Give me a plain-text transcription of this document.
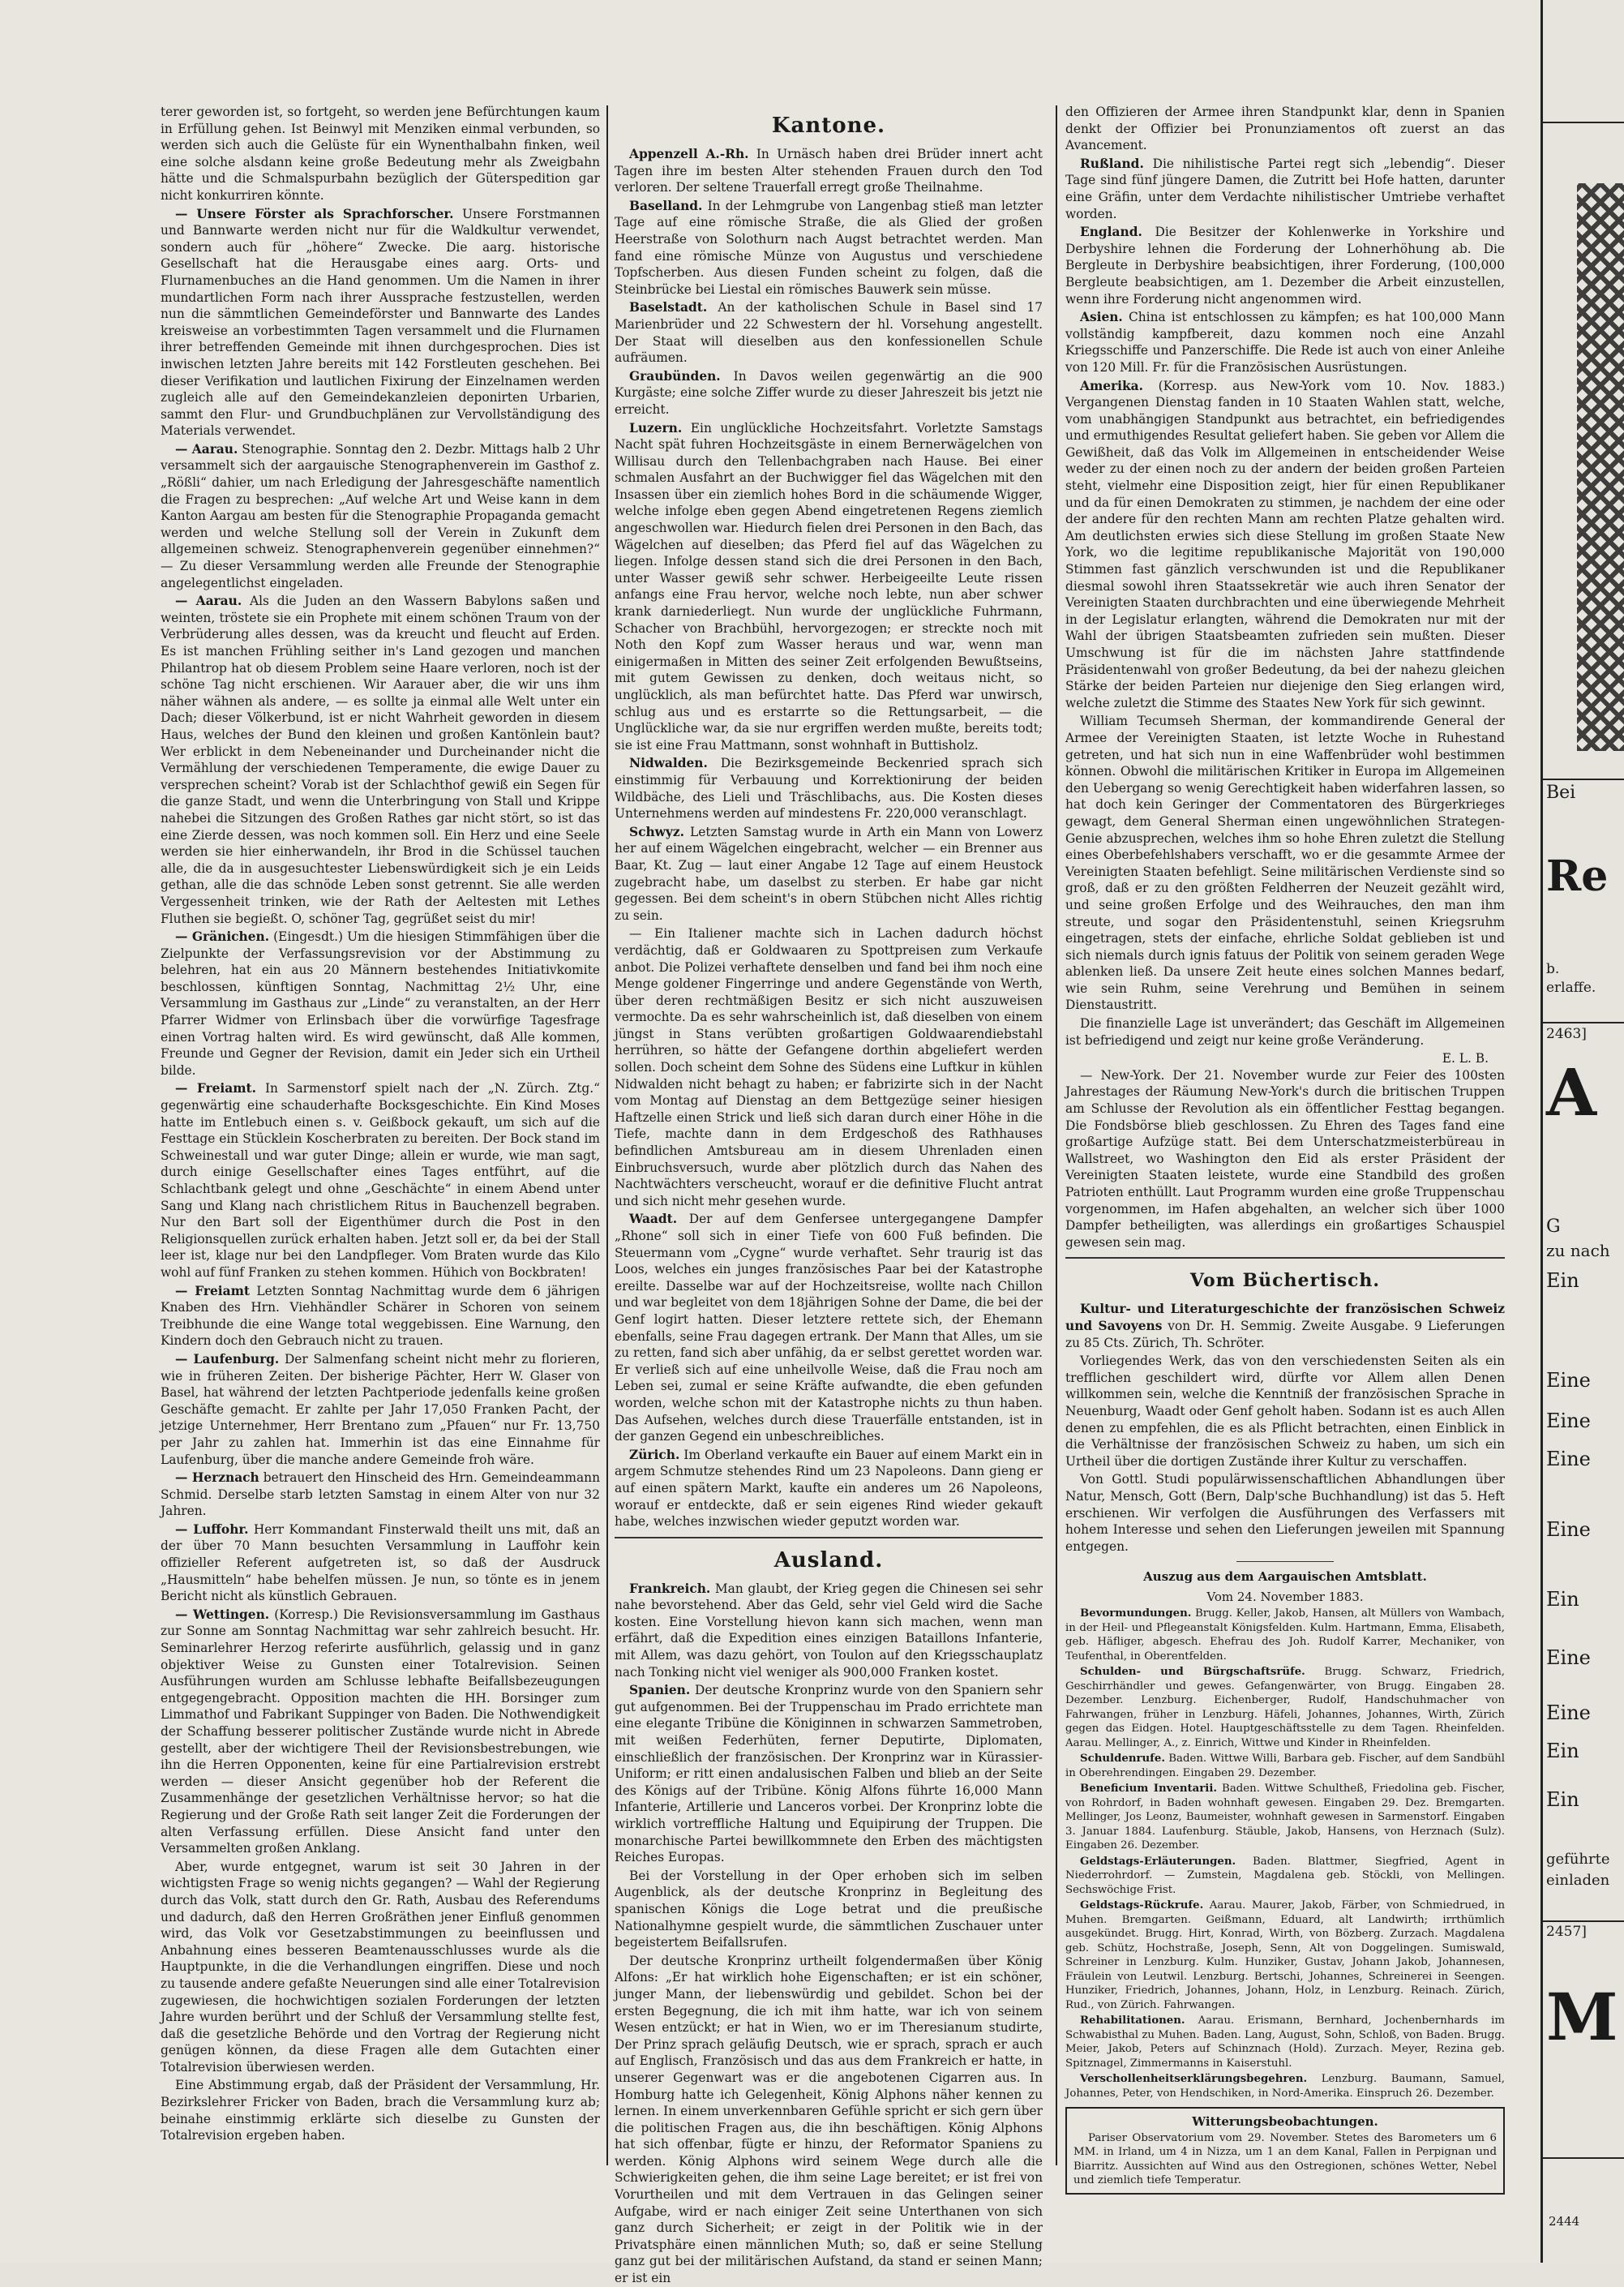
terer geworden ist, so fortgeht, so werden jene Befürchtungen kaum in Erfüllung gehen. Ist Beinwyl mit Menziken einmal verbunden, so werden sich auch die Gelüste für ein Wynenthalbahn finken, weil eine solche alsdann keine große Bedeutung mehr als Zweigbahn hätte und die Schmalspurbahn bezüglich der Güterspedition gar nicht konkurriren könnte.

— Unsere Förster als Sprachforscher. Unsere Forstmannen und Bannwarte werden nicht nur für die Waldkultur verwendet, sondern auch für „höhere“ Zwecke. Die aarg. historische Gesellschaft hat die Herausgabe eines aarg. Orts- und Flurnamenbuches an die Hand genommen. Um die Namen in ihrer mundartlichen Form nach ihrer Aussprache festzustellen, werden nun die sämmtlichen Gemeindeförster und Bannwarte des Landes kreisweise an vorbestimmten Tagen versammelt und die Flurnamen ihrer betreffenden Gemeinde mit ihnen durchgesprochen. Dies ist inwischen letzten Jahre bereits mit 142 Forstleuten geschehen. Bei dieser Verifikation und lautlichen Fixirung der Einzelnamen werden zugleich alle auf den Gemeindekanzleien deponirten Urbarien, sammt den Flur- und Grundbuchplänen zur Vervollständigung des Materials verwendet.

— Aarau. Stenographie. Sonntag den 2. Dezbr. Mittags halb 2 Uhr versammelt sich der aargauische Stenographenverein im Gasthof z. „Rößli“ dahier, um nach Erledigung der Jahresgeschäfte namentlich die Fragen zu besprechen: „Auf welche Art und Weise kann in dem Kanton Aargau am besten für die Stenographie Propaganda gemacht werden und welche Stellung soll der Verein in Zukunft dem allgemeinen schweiz. Stenographenverein gegenüber einnehmen?“ — Zu dieser Versammlung werden alle Freunde der Stenographie angelegentlichst eingeladen.

— Aarau. Als die Juden an den Wassern Babylons saßen und weinten, tröstete sie ein Prophete mit einem schönen Traum von der Verbrüderung alles dessen, was da kreucht und fleucht auf Erden. Es ist manchen Frühling seither in's Land gezogen und manchen Philantrop hat ob diesem Problem seine Haare verloren, noch ist der schöne Tag nicht erschienen. Wir Aarauer aber, die wir uns ihm näher wähnen als andere, — es sollte ja einmal alle Welt unter ein Dach; dieser Völkerbund, ist er nicht Wahrheit geworden in diesem Haus, welches der Bund den kleinen und großen Kantönlein baut? Wer erblickt in dem Nebeneinander und Durcheinander nicht die Vermählung der verschiedenen Temperamente, die ewige Dauer zu versprechen scheint? Vorab ist der Schlachthof gewiß ein Segen für die ganze Stadt, und wenn die Unterbringung von Stall und Krippe nahebei die Sitzungen des Großen Rathes gar nicht stört, so ist das eine Zierde dessen, was noch kommen soll. Ein Herz und eine Seele werden sie hier einherwandeln, ihr Brod in die Schüssel tauchen alle, die da in ausgesuchtester Liebenswürdigkeit sich je ein Leids gethan, alle die das schnöde Leben sonst getrennt. Sie alle werden Vergessenheit trinken, wie der Rath der Aeltesten mit Lethes Fluthen sie begießt. O, schöner Tag, gegrüßet seist du mir!

— Gränichen. (Eingesdt.) Um die hiesigen Stimmfähigen über die Zielpunkte der Verfassungsrevision vor der Abstimmung zu belehren, hat ein aus 20 Männern bestehendes Initiativkomite beschlossen, künftigen Sonntag, Nachmittag 2½ Uhr, eine Versammlung im Gasthaus zur „Linde“ zu veranstalten, an der Herr Pfarrer Widmer von Erlinsbach über die vorwürfige Tagesfrage einen Vortrag halten wird. Es wird gewünscht, daß Alle kommen, Freunde und Gegner der Revision, damit ein Jeder sich ein Urtheil bilde.

— Freiamt. In Sarmenstorf spielt nach der „N. Zürch. Ztg.“ gegenwärtig eine schauderhafte Bocksgeschichte. Ein Kind Moses hatte im Entlebuch einen s. v. Geißbock gekauft, um sich auf die Festtage ein Stücklein Koscherbraten zu bereiten. Der Bock stand im Schweinestall und war guter Dinge; allein er wurde, wie man sagt, durch einige Gesellschafter eines Tages entführt, auf die Schlachtbank gelegt und ohne „Geschächte“ in einem Abend unter Sang und Klang nach christlichem Ritus in Bauchenzell begraben. Nur den Bart soll der Eigenthümer durch die Post in den Religionsquellen zurück erhalten haben. Jetzt soll er, da bei der Stall leer ist, klage nur bei den Landpfleger. Vom Braten wurde das Kilo wohl auf fünf Franken zu stehen kommen. Hühich von Bockbraten!

— Freiamt Letzten Sonntag Nachmittag wurde dem 6 jährigen Knaben des Hrn. Viehhändler Schärer in Schoren von seinem Treibhunde die eine Wange total weggebissen. Eine Warnung, den Kindern doch den Gebrauch nicht zu trauen.

— Laufenburg. Der Salmenfang scheint nicht mehr zu florieren, wie in früheren Zeiten. Der bisherige Pächter, Herr W. Glaser von Basel, hat während der letzten Pachtperiode jedenfalls keine großen Geschäfte gemacht. Er zahlte per Jahr 17,050 Franken Pacht, der jetzige Unternehmer, Herr Brentano zum „Pfauen“ nur Fr. 13,750 per Jahr zu zahlen hat. Immerhin ist das eine Einnahme für Laufenburg, über die manche andere Gemeinde froh wäre.

— Herznach betrauert den Hinscheid des Hrn. Gemeindeammann Schmid. Derselbe starb letzten Samstag in einem Alter von nur 32 Jahren.

— Luffohr. Herr Kommandant Finsterwald theilt uns mit, daß an der über 70 Mann besuchten Versammlung in Lauffohr kein offizieller Referent aufgetreten ist, so daß der Ausdruck „Hausmitteln“ habe behelfen müssen. Je nun, so tönte es in jenem Bericht nicht als künstlich Gebrauen.

— Wettingen. (Korresp.) Die Revisionsversammlung im Gasthaus zur Sonne am Sonntag Nachmittag war sehr zahlreich besucht. Hr. Seminarlehrer Herzog referirte ausführlich, gelassig und in ganz objektiver Weise zu Gunsten einer Totalrevision. Seinen Ausführungen wurden am Schlusse lebhafte Beifallsbezeugungen entgegengebracht. Opposition machten die HH. Borsinger zum Limmathof und Fabrikant Suppinger von Baden. Die Nothwendigkeit der Schaffung besserer politischer Zustände wurde nicht in Abrede gestellt, aber der wichtigere Theil der Revisionsbestrebungen, wie ihn die Herren Opponenten, keine für eine Partialrevision erstrebt werden — dieser Ansicht gegenüber hob der Referent die Zusammenhänge der gesetzlichen Verhältnisse hervor; so hat die Regierung und der Große Rath seit langer Zeit die Forderungen der alten Verfassung erfüllen. Diese Ansicht fand unter den Versammelten großen Anklang.

Aber, wurde entgegnet, warum ist seit 30 Jahren in der wichtigsten Frage so wenig nichts gegangen? — Wahl der Regierung durch das Volk, statt durch den Gr. Rath, Ausbau des Referendums und dadurch, daß den Herren Großräthen jener Einfluß genommen wird, das Volk vor Gesetzabstimmungen zu beeinflussen und Anbahnung eines besseren Beamtenausschlusses wurde als die Hauptpunkte, in die die Verhandlungen eingriffen. Diese und noch zu tausende andere gefaßte Neuerungen sind alle einer Totalrevision zugewiesen, die hochwichtigen sozialen Forderungen der letzten Jahre wurden berührt und der Schluß der Versammlung stellte fest, daß die gesetzliche Behörde und den Vortrag der Regierung nicht genügen können, da diese Fragen alle dem Gutachten einer Totalrevision überwiesen werden.

Eine Abstimmung ergab, daß der Präsident der Versammlung, Hr. Bezirkslehrer Fricker von Baden, brach die Versammlung kurz ab; beinahe einstimmig erklärte sich dieselbe zu Gunsten der Totalrevision ergeben haben.

Kantone.

Appenzell A.-Rh. In Urnäsch haben drei Brüder innert acht Tagen ihre im besten Alter stehenden Frauen durch den Tod verloren. Der seltene Trauerfall erregt große Theilnahme.

Baselland. In der Lehmgrube von Langenbag stieß man letzter Tage auf eine römische Straße, die als Glied der großen Heerstraße von Solothurn nach Augst betrachtet werden. Man fand eine römische Münze von Augustus und verschiedene Topfscherben. Aus diesen Funden scheint zu folgen, daß die Steinbrücke bei Liestal ein römisches Bauwerk sein müsse.

Baselstadt. An der katholischen Schule in Basel sind 17 Marienbrüder und 22 Schwestern der hl. Vorsehung angestellt. Der Staat will dieselben aus den konfessionellen Schule aufräumen.

Graubünden. In Davos weilen gegenwärtig an die 900 Kurgäste; eine solche Ziffer wurde zu dieser Jahreszeit bis jetzt nie erreicht.

Luzern. Ein unglückliche Hochzeitsfahrt. Vorletzte Samstags Nacht spät fuhren Hochzeitsgäste in einem Bernerwägelchen von Willisau durch den Tellenbachgraben nach Hause. Bei einer schmalen Ausfahrt an der Buchwigger fiel das Wägelchen mit den Insassen über ein ziemlich hohes Bord in die schäumende Wigger, welche infolge eben gegen Abend eingetretenen Regens ziemlich angeschwollen war. Hiedurch fielen drei Personen in den Bach, das Wägelchen auf dieselben; das Pferd fiel auf das Wägelchen zu liegen. Infolge dessen stand sich die drei Personen in den Bach, unter Wasser gewiß sehr schwer. Herbeigeeilte Leute rissen anfangs eine Frau hervor, welche noch lebte, nun aber schwer krank darniederliegt. Nun wurde der unglückliche Fuhrmann, Schacher von Brachbühl, hervorgezogen; er streckte noch mit Noth den Kopf zum Wasser heraus und war, wenn man einigermaßen in Mitten des seiner Zeit erfolgenden Bewußtseins, mit gutem Gewissen zu denken, doch weitaus nicht, so unglücklich, als man befürchtet hatte. Das Pferd war unwirsch, schlug aus und es erstarrte so die Rettungsarbeit, — die Unglückliche war, da sie nur ergriffen werden mußte, bereits todt; sie ist eine Frau Mattmann, sonst wohnhaft in Buttisholz.

Nidwalden. Die Bezirksgemeinde Beckenried sprach sich einstimmig für Verbauung und Korrektionirung der beiden Wildbäche, des Lieli und Träschlibachs, aus. Die Kosten dieses Unternehmens werden auf mindestens Fr. 220,000 veranschlagt.

Schwyz. Letzten Samstag wurde in Arth ein Mann von Lowerz her auf einem Wägelchen eingebracht, welcher — ein Brenner aus Baar, Kt. Zug — laut einer Angabe 12 Tage auf einem Heustock zugebracht habe, um daselbst zu sterben. Er habe gar nicht gegessen. Bei dem scheint's in obern Stübchen nicht Alles richtig zu sein.

— Ein Italiener machte sich in Lachen dadurch höchst verdächtig, daß er Goldwaaren zu Spottpreisen zum Verkaufe anbot. Die Polizei verhaftete denselben und fand bei ihm noch eine Menge goldener Fingerringe und andere Gegenstände von Werth, über deren rechtmäßigen Besitz er sich nicht auszuweisen vermochte. Da es sehr wahrscheinlich ist, daß dieselben von einem jüngst in Stans verübten großartigen Goldwaarendiebstahl herrühren, so hätte der Gefangene dorthin abgeliefert werden sollen. Doch scheint dem Sohne des Südens eine Luftkur in kühlen Nidwalden nicht behagt zu haben; er fabrizirte sich in der Nacht vom Montag auf Dienstag an dem Bettgezüge seiner hiesigen Haftzelle einen Strick und ließ sich daran durch einer Höhe in die Tiefe, machte dann in dem Erdgeschoß des Rathhauses befindlichen Amtsbureau am in diesem Uhrenladen einen Einbruchsversuch, wurde aber plötzlich durch das Nahen des Nachtwächters verscheucht, worauf er die definitive Flucht antrat und sich nicht mehr gesehen wurde.

Waadt. Der auf dem Genfersee untergegangene Dampfer „Rhone“ soll sich in einer Tiefe von 600 Fuß befinden. Die Steuermann vom „Cygne“ wurde verhaftet. Sehr traurig ist das Loos, welches ein junges französisches Paar bei der Katastrophe ereilte. Dasselbe war auf der Hochzeitsreise, wollte nach Chillon und war begleitet von dem 18jährigen Sohne der Dame, die bei der Genf logirt hatten. Dieser letztere rettete sich, der Ehemann ebenfalls, seine Frau dagegen ertrank. Der Mann that Alles, um sie zu retten, fand sich aber unfähig, da er selbst gerettet worden war. Er verließ sich auf eine unheilvolle Weise, daß die Frau noch am Leben sei, zumal er seine Kräfte aufwandte, die eben gefunden worden, welche schon mit der Katastrophe nichts zu thun haben. Das Aufsehen, welches durch diese Trauerfälle entstanden, ist in der ganzen Gegend ein unbeschreibliches.

Zürich. Im Oberland verkaufte ein Bauer auf einem Markt ein in argem Schmutze stehendes Rind um 23 Napoleons. Dann gieng er auf einen spätern Markt, kaufte ein anderes um 26 Napoleons, worauf er entdeckte, daß er sein eigenes Rind wieder gekauft habe, welches inzwischen wieder geputzt worden war.

Ausland.

Frankreich. Man glaubt, der Krieg gegen die Chinesen sei sehr nahe bevorstehend. Aber das Geld, sehr viel Geld wird die Sache kosten. Eine Vorstellung hievon kann sich machen, wenn man erfährt, daß die Expedition eines einzigen Bataillons Infanterie, mit Allem, was dazu gehört, von Toulon auf den Kriegsschauplatz nach Tonking nicht viel weniger als 900,000 Franken kostet.

Spanien. Der deutsche Kronprinz wurde von den Spaniern sehr gut aufgenommen. Bei der Truppenschau im Prado errichtete man eine elegante Tribüne die Königinnen in schwarzen Sammetroben, mit weißen Federhüten, ferner Deputirte, Diplomaten, einschließlich der französischen. Der Kronprinz war in Kürassier-Uniform; er ritt einen andalusischen Falben und blieb an der Seite des Königs auf der Tribüne. König Alfons führte 16,000 Mann Infanterie, Artillerie und Lanceros vorbei. Der Kronprinz lobte die wirklich vortreffliche Haltung und Equipirung der Truppen. Die monarchische Partei bewillkommnete den Erben des mächtigsten Reiches Europas.

Bei der Vorstellung in der Oper erhoben sich im selben Augenblick, als der deutsche Kronprinz in Begleitung des spanischen Königs die Loge betrat und die preußische Nationalhymne gespielt wurde, die sämmtlichen Zuschauer unter begeistertem Beifallsrufen.

Der deutsche Kronprinz urtheilt folgendermaßen über König Alfons: „Er hat wirklich hohe Eigenschaften; er ist ein schöner, junger Mann, der liebenswürdig und gebildet. Schon bei der ersten Begegnung, die ich mit ihm hatte, war ich von seinem Wesen entzückt; er hat in Wien, wo er im Theresianum studirte, Der Prinz sprach geläufig Deutsch, wie er sprach, sprach er auch auf Englisch, Französisch und das aus dem Frankreich er hatte, in unserer Gegenwart was er die angebotenen Cigarren aus. In Homburg hatte ich Gelegenheit, König Alphons näher kennen zu lernen. In einem unverkennbaren Gefühle spricht er sich gern über die politischen Fragen aus, die ihn beschäftigen. König Alphons hat sich offenbar, fügte er hinzu, der Reformator Spaniens zu werden. König Alphons wird seinem Wege durch alle die Schwierigkeiten gehen, die ihm seine Lage bereitet; er ist frei von Vorurtheilen und mit dem Vertrauen in das Gelingen seiner Aufgabe, wird er nach einiger Zeit seine Unterthanen von sich ganz durch Sicherheit; er zeigt in der Politik wie in der Privatsphäre einen männlichen Muth; so, daß er seine Stellung ganz gut bei der militärischen Aufstand, da stand er seinen Mann; er ist ein

den Offizieren der Armee ihren Standpunkt klar, denn in Spanien denkt der Offizier bei Pronunziamentos oft zuerst an das Avancement.

Rußland. Die nihilistische Partei regt sich „lebendig“. Dieser Tage sind fünf jüngere Damen, die Zutritt bei Hofe hatten, darunter eine Gräfin, unter dem Verdachte nihilistischer Umtriebe verhaftet worden.

England. Die Besitzer der Kohlenwerke in Yorkshire und Derbyshire lehnen die Forderung der Lohnerhöhung ab. Die Bergleute in Derbyshire beabsichtigen, ihrer Forderung, (100,000 Bergleute beabsichtigen, am 1. Dezember die Arbeit einzustellen, wenn ihre Forderung nicht angenommen wird.

Asien. China ist entschlossen zu kämpfen; es hat 100,000 Mann vollständig kampfbereit, dazu kommen noch eine Anzahl Kriegsschiffe und Panzerschiffe. Die Rede ist auch von einer Anleihe von 120 Mill. Fr. für die Französischen Ausrüstungen.

Amerika. (Korresp. aus New-York vom 10. Nov. 1883.) Vergangenen Dienstag fanden in 10 Staaten Wahlen statt, welche, vom unabhängigen Standpunkt aus betrachtet, ein befriedigendes und ermuthigendes Resultat geliefert haben. Sie geben vor Allem die Gewißheit, daß das Volk im Allgemeinen in entscheidender Weise weder zu der einen noch zu der andern der beiden großen Parteien steht, vielmehr eine Disposition zeigt, hier für einen Republikaner und da für einen Demokraten zu stimmen, je nachdem der eine oder der andere für den rechten Mann am rechten Platze gehalten wird. Am deutlichsten erwies sich diese Stellung im großen Staate New York, wo die legitime republikanische Majorität von 190,000 Stimmen fast gänzlich verschwunden ist und die Republikaner diesmal sowohl ihren Staatssekretär wie auch ihren Senator der Vereinigten Staaten durchbrachten und eine überwiegende Mehrheit in der Legislatur erlangten, während die Demokraten nur mit der Wahl der übrigen Staatsbeamten zufrieden sein mußten. Dieser Umschwung ist für die im nächsten Jahre stattfindende Präsidentenwahl von großer Bedeutung, da bei der nahezu gleichen Stärke der beiden Parteien nur diejenige den Sieg erlangen wird, welche zuletzt die Stimme des Staates New York für sich gewinnt.

William Tecumseh Sherman, der kommandirende General der Armee der Vereinigten Staaten, ist letzte Woche in Ruhestand getreten, und hat sich nun in eine Waffenbrüder wohl bestimmen können. Obwohl die militärischen Kritiker in Europa im Allgemeinen den Uebergang so wenig Gerechtigkeit haben widerfahren lassen, so hat doch kein Geringer der Commentatoren des Bürgerkrieges gewagt, dem General Sherman einen ungewöhnlichen Strategen-Genie abzusprechen, welches ihm so hohe Ehren zuletzt die Stellung eines Oberbefehlshabers verschafft, wo er die gesammte Armee der Vereinigten Staaten befehligt. Seine militärischen Verdienste sind so groß, daß er zu den größten Feldherren der Neuzeit gezählt wird, und seine großen Erfolge und des Weihrauches, den man ihm streute, und sogar den Präsidentenstuhl, seinen Kriegsruhm eingetragen, stets der einfache, ehrliche Soldat geblieben ist und sich niemals durch ignis fatuus der Politik von seinem geraden Wege ablenken ließ. Da unsere Zeit heute eines solchen Mannes bedarf, wie sein Ruhm, seine Verehrung und Bemühen in seinem Dienstaustritt.

Die finanzielle Lage ist unverändert; das Geschäft im Allgemeinen ist befriedigend und zeigt nur keine große Veränderung.

E. L. B.

— New-York. Der 21. November wurde zur Feier des 100sten Jahrestages der Räumung New-York's durch die britischen Truppen am Schlusse der Revolution als ein öffentlicher Festtag begangen. Die Fondsbörse blieb geschlossen. Zu Ehren des Tages fand eine großartige Aufzüge statt. Bei dem Unterschatzmeisterbüreau in Wallstreet, wo Washington den Eid als erster Präsident der Vereinigten Staaten leistete, wurde eine Standbild des großen Patrioten enthüllt. Laut Programm wurden eine große Truppenschau vorgenommen, im Hafen abgehalten, an welcher sich über 1000 Dampfer betheiligten, was allerdings ein großartiges Schauspiel gewesen sein mag.

Vom Büchertisch.

Kultur- und Literaturgeschichte der französischen Schweiz und Savoyens von Dr. H. Semmig. Zweite Ausgabe. 9 Lieferungen zu 85 Cts. Zürich, Th. Schröter.

Vorliegendes Werk, das von den verschiedensten Seiten als ein trefflichen geschildert wird, dürfte vor Allem allen Denen willkommen sein, welche die Kenntniß der französischen Sprache in Neuenburg, Waadt oder Genf geholt haben. Sodann ist es auch Allen denen zu empfehlen, die es als Pflicht betrachten, einen Einblick in die Verhältnisse der französischen Schweiz zu haben, um sich ein Urtheil über die dortigen Zustände ihrer Kultur zu verschaffen.

Von Gottl. Studi populärwissenschaftlichen Abhandlungen über Natur, Mensch, Gott (Bern, Dalp'sche Buchhandlung) ist das 5. Heft erschienen. Wir verfolgen die Ausführungen des Verfassers mit hohem Interesse und sehen den Lieferungen jeweilen mit Spannung entgegen.

Auszug aus dem Aargauischen Amtsblatt.
Vom 24. November 1883.

Bevormundungen. Brugg. Keller, Jakob, Hansen, alt Müllers von Wambach, in der Heil- und Pflegeanstalt Königsfelden. Kulm. Hartmann, Emma, Elisabeth, geb. Häfliger, abgesch. Ehefrau des Joh. Rudolf Karrer, Mechaniker, von Teufenthal, in Oberentfelden.

Schulden- und Bürgschaftsrüfe. Brugg. Schwarz, Friedrich, Geschirrhändler und gewes. Gefangenwärter, von Brugg. Eingaben 28. Dezember. Lenzburg. Eichenberger, Rudolf, Handschuhmacher von Fahrwangen, früher in Lenzburg. Häfeli, Johannes, Johannes, Wirth, Zürich gegen das Eidgen. Hotel. Hauptgeschäftsstelle zu dem Tagen. Rheinfelden. Aarau. Mellinger, A., z. Einrich, Wittwe und Kinder in Rheinfelden.

Schuldenrufe. Baden. Wittwe Willi, Barbara geb. Fischer, auf dem Sandbühl in Oberehrendingen. Eingaben 29. Dezember.

Beneficium Inventarii. Baden. Wittwe Schultheß, Friedolina geb. Fischer, von Rohrdorf, in Baden wohnhaft gewesen. Eingaben 29. Dez. Bremgarten. Mellinger, Jos Leonz, Baumeister, wohnhaft gewesen in Sarmenstorf. Eingaben 3. Januar 1884. Laufenburg. Stäuble, Jakob, Hansens, von Herznach (Sulz). Eingaben 26. Dezember.

Geldstags-Erläuterungen. Baden. Blattmer, Siegfried, Agent in Niederrohrdorf. — Zumstein, Magdalena geb. Stöckli, von Mellingen. Sechswöchige Frist.

Geldstags-Rückrufe. Aarau. Maurer, Jakob, Färber, von Schmiedrued, in Muhen. Bremgarten. Geißmann, Eduard, alt Landwirth; irrthümlich ausgekündet. Brugg. Hirt, Konrad, Wirth, von Bözberg. Zurzach. Magdalena geb. Schütz, Hochstraße, Joseph, Senn, Alt von Doggelingen. Sumiswald, Schreiner in Lenzburg. Kulm. Hunziker, Gustav, Johann Jakob, Johannesen, Fräulein von Leutwil. Lenzburg. Bertschi, Johannes, Schreinerei in Seengen. Hunziker, Friedrich, Johannes, Johann, Holz, in Lenzburg. Reinach. Zürich, Rud., von Zürich. Fahrwangen.

Rehabilitationen. Aarau. Erismann, Bernhard, Jochenbernhards im Schwabisthal zu Muhen. Baden. Lang, August, Sohn, Schloß, von Baden. Brugg. Meier, Jakob, Peters auf Schinznach (Hold). Zurzach. Meyer, Rezina geb. Spitznagel, Zimmermanns in Kaiserstuhl.

Verschollenheitserklärungsbegehren. Lenzburg. Baumann, Samuel, Johannes, Peter, von Hendschiken, in Nord-Amerika. Einspruch 26. Dezember.

Witterungsbeobachtungen.

Pariser Observatorium vom 29. November. Stetes des Barometers um 6 MM. in Irland, um 4 in Nizza, um 1 an dem Kanal, Fallen in Perpignan und Biarritz. Aussichten auf Wind aus den Ostregionen, schönes Wetter, Nebel und ziemlich tiefe Temperatur.

Bei
Re
b.
erlaffe.
2463]
A
G
zu nach
Ein
Eine
Eine
Eine
Eine
Ein
Eine
Eine
Ein
Ein
geführte
einladen
2457]
M
2444
